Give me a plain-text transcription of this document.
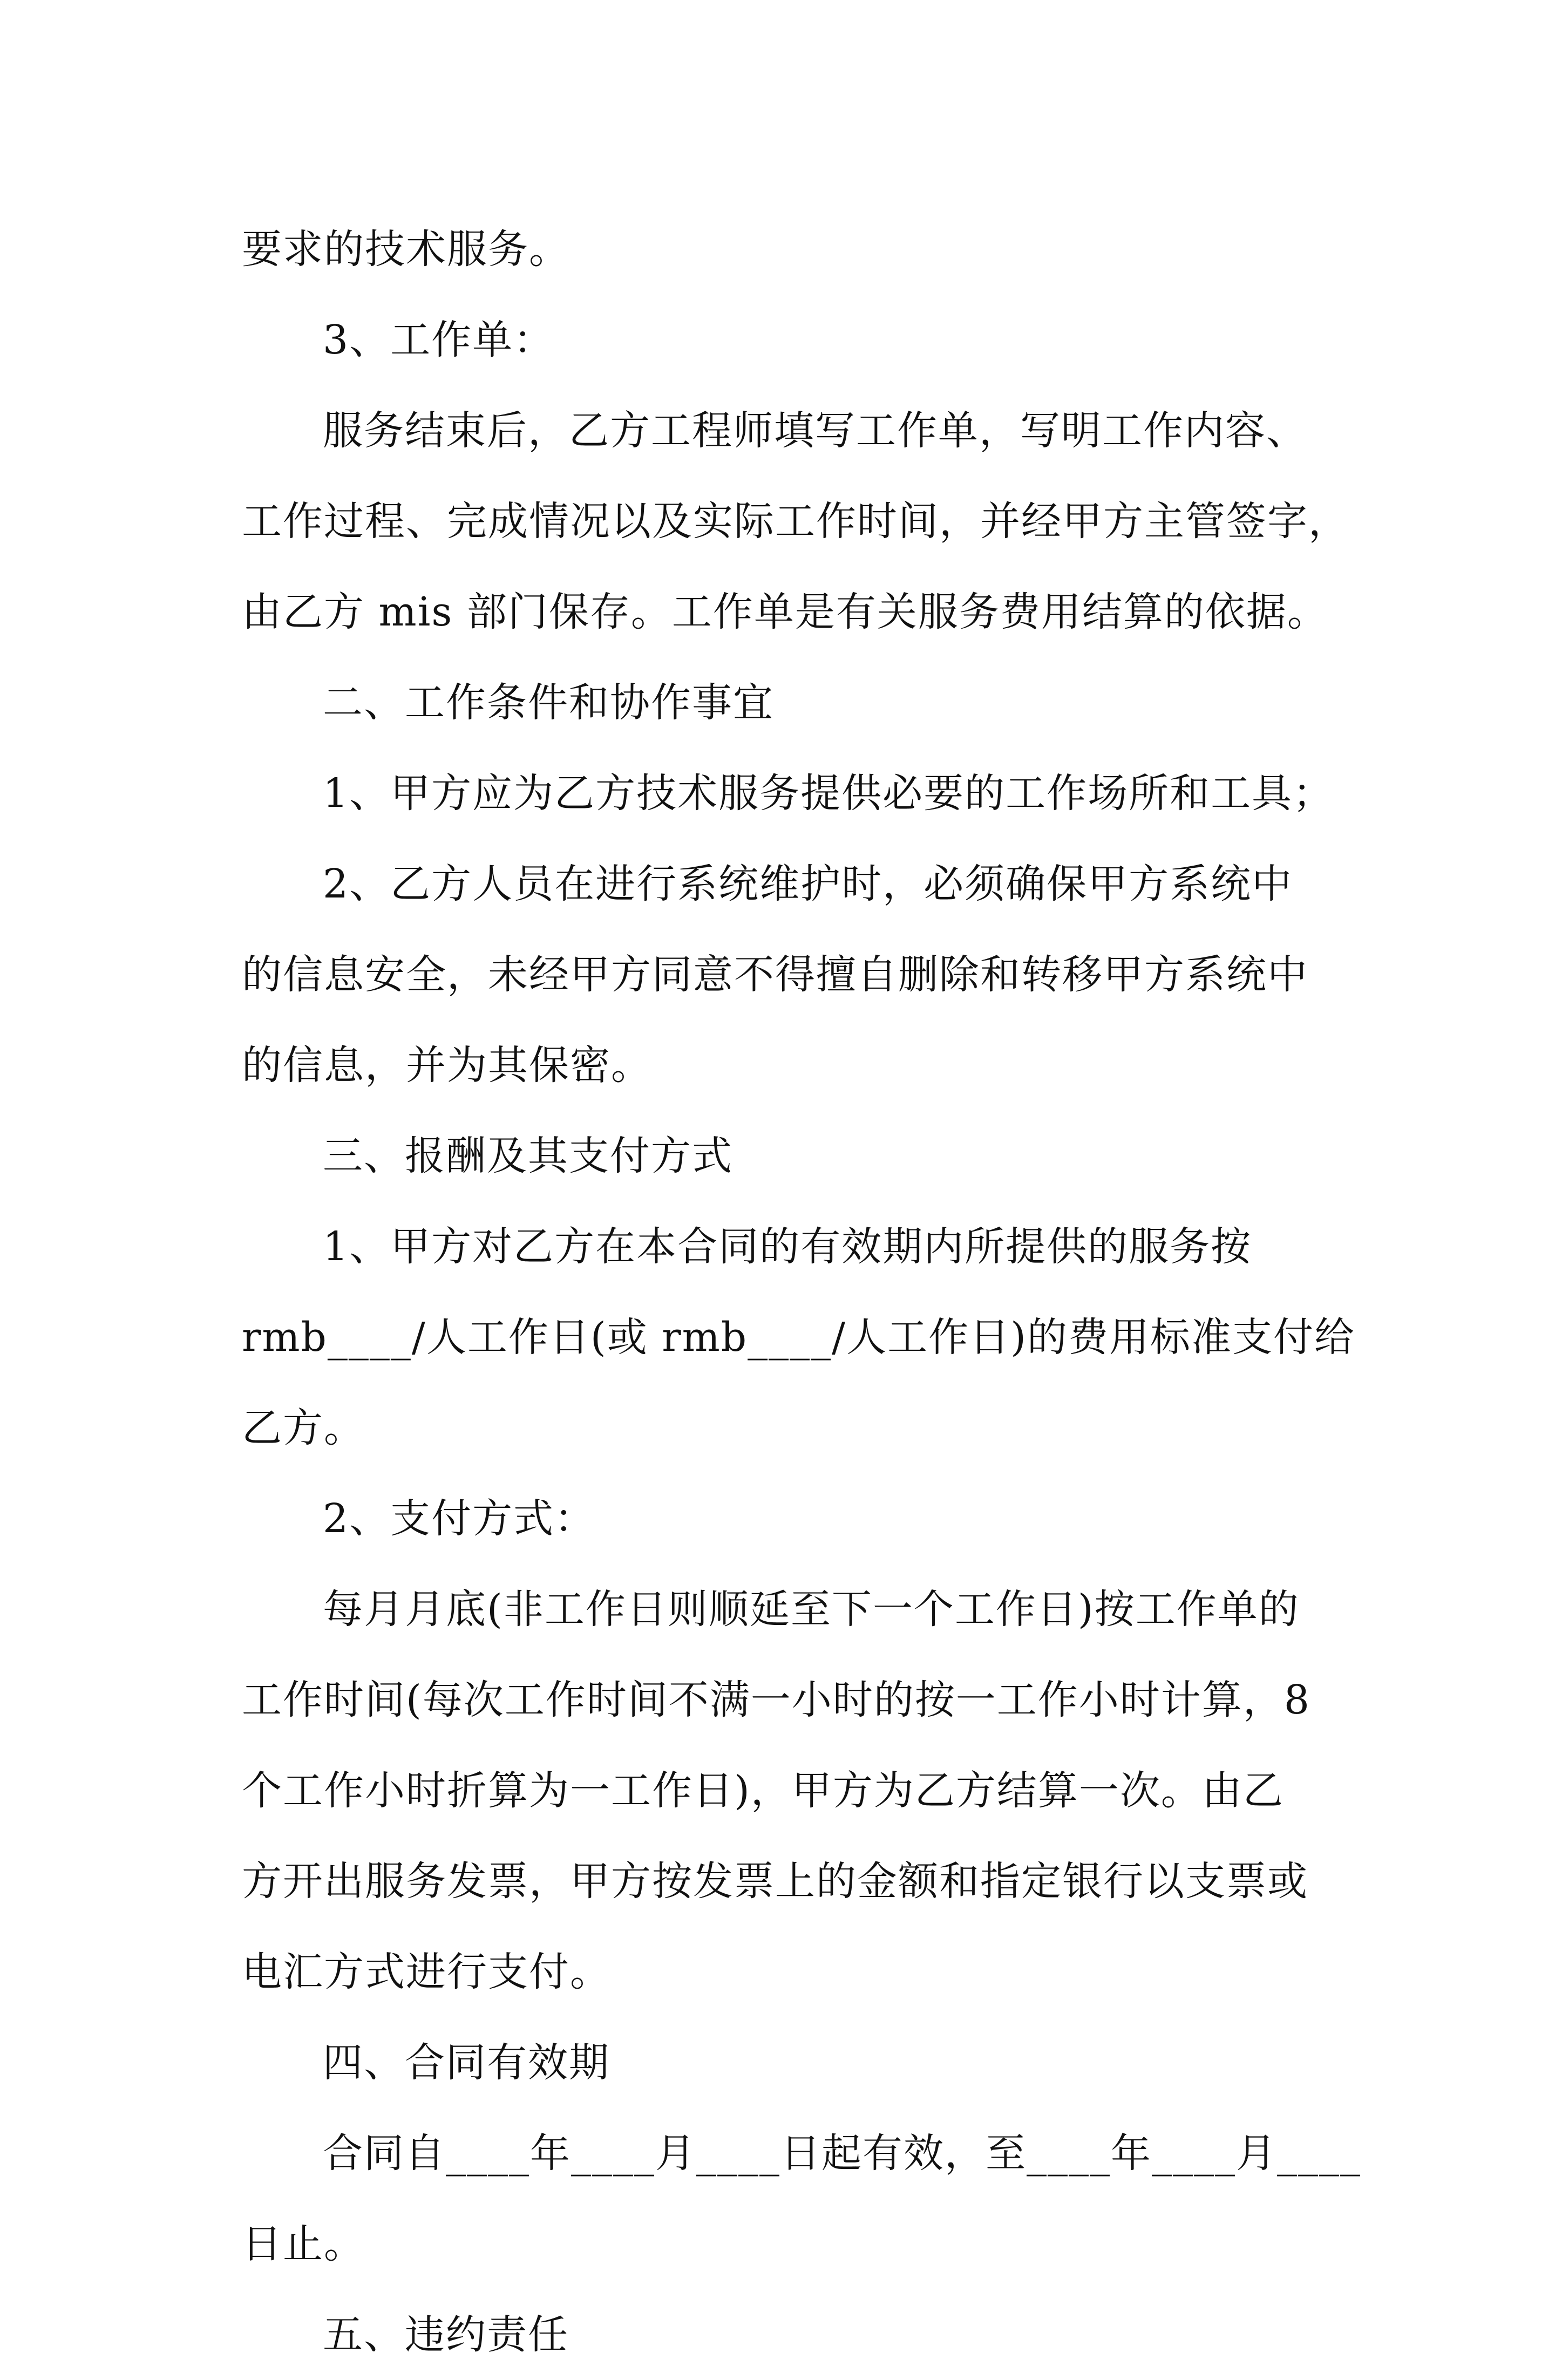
要求的技术服务。
3、工作单：
服务结束后，乙方工程师填写工作单，写明工作内容、
工作过程、完成情况以及实际工作时间，并经甲方主管签字，
由乙方 mis 部门保存。工作单是有关服务费用结算的依据。
二、工作条件和协作事宜
1、甲方应为乙方技术服务提供必要的工作场所和工具；
2、乙方人员在进行系统维护时，必须确保甲方系统中
的信息安全，未经甲方同意不得擅自删除和转移甲方系统中
的信息，并为其保密。
三、报酬及其支付方式
1、甲方对乙方在本合同的有效期内所提供的服务按
rmb____/人工作日(或 rmb____/人工作日)的费用标准支付给
乙方。
2、支付方式：
每月月底(非工作日则顺延至下一个工作日)按工作单的
工作时间(每次工作时间不满一小时的按一工作小时计算，8
个工作小时折算为一工作日)，甲方为乙方结算一次。由乙
方开出服务发票，甲方按发票上的金额和指定银行以支票或
电汇方式进行支付。
四、合同有效期
合同自____年____月____日起有效，至____年____月____
日止。
五、违约责任
